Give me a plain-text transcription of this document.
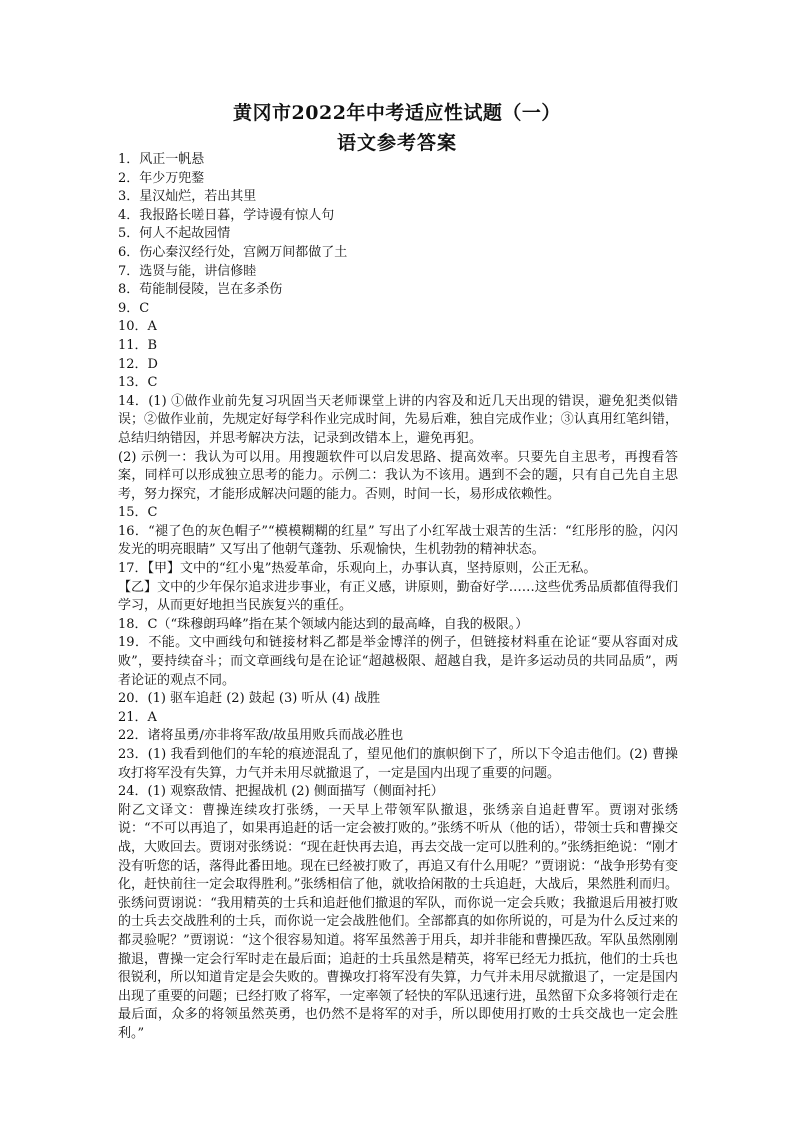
黄冈市2022年中考适应性试题（一）
语文参考答案
1．风正一帆悬
2．年少万兜鍪
3．星汉灿烂，若出其里
4．我报路长嗟日暮，学诗谩有惊人句
5．何人不起故园情
6．伤心秦汉经行处，宫阙万间都做了土
7．选贤与能，讲信修睦
8．苟能制侵陵，岂在多杀伤
9．C
10．A
11．B
12．D
13．C
14．(1) ①做作业前先复习巩固当天老师课堂上讲的内容及和近几天出现的错误，避免犯类似错误；②做作业前，先规定好每学科作业完成时间，先易后难，独自完成作业；③认真用红笔纠错，总结归纳错因，并思考解决方法，记录到改错本上，避免再犯。
(2) 示例一：我认为可以用。用搜题软件可以启发思路、提高效率。只要先自主思考，再搜看答案，同样可以形成独立思考的能力。示例二：我认为不该用。遇到不会的题，只有自己先自主思考，努力探究，才能形成解决问题的能力。否则，时间一长，易形成依赖性。
15．C
16．“褪了色的灰色帽子”“模模糊糊的红星” 写出了小红军战士艰苦的生活：“红彤彤的脸，闪闪发光的明亮眼睛” 又写出了他朝气蓬勃、乐观愉快，生机勃勃的精神状态。
17．【甲】文中的“红小鬼”热爱革命，乐观向上，办事认真，坚持原则，公正无私。
【乙】文中的少年保尔追求进步事业，有正义感，讲原则，勤奋好学……这些优秀品质都值得我们学习，从而更好地担当民族复兴的重任。
18．C（“珠穆朗玛峰”指在某个领域内能达到的最高峰，自我的极限。）
19．不能。文中画线句和链接材料乙都是举金博洋的例子，但链接材料重在论证“要从容面对成败”，要持续奋斗；而文章画线句是在论证“超越极限、超越自我，是许多运动员的共同品质”，两者论证的观点不同。
20．(1) 驱车追赶 (2) 鼓起 (3) 听从 (4) 战胜
21．A
22．诸将虽勇/亦非将军敌/故虽用败兵而战必胜也
23．(1) 我看到他们的车轮的痕迹混乱了，望见他们的旗帜倒下了，所以下令追击他们。(2) 曹操攻打将军没有失算，力气并未用尽就撤退了，一定是国内出现了重要的问题。
24．(1) 观察敌情、把握战机 (2) 侧面描写（侧面衬托）
附乙文译文：曹操连续攻打张绣，一天早上带领军队撤退，张绣亲自追赶曹军。贾诩对张绣说：“不可以再追了，如果再追赶的话一定会被打败的。”张绣不听从（他的话），带领士兵和曹操交战，大败回去。贾诩对张绣说：“现在赶快再去追，再去交战一定可以胜利的。”张绣拒绝说：“刚才没有听您的话，落得此番田地。现在已经被打败了，再追又有什么用呢？”贾诩说：“战争形势有变化，赶快前往一定会取得胜利。”张绣相信了他，就收拾闲散的士兵追赶，大战后，果然胜利而归。张绣问贾诩说：“我用精英的士兵和追赶他们撤退的军队，而你说一定会兵败；我撤退后用被打败的士兵去交战胜利的士兵，而你说一定会战胜他们。全部都真的如你所说的，可是为什么反过来的都灵验呢？”贾诩说：“这个很容易知道。将军虽然善于用兵，却并非能和曹操匹敌。军队虽然刚刚撤退，曹操一定会行军时走在最后面；追赶的士兵虽然是精英，将军已经无力抵抗，他们的士兵也很锐利，所以知道肯定是会失败的。曹操攻打将军没有失算，力气并未用尽就撤退了，一定是国内出现了重要的问题；已经打败了将军，一定率领了轻快的军队迅速行进，虽然留下众多将领行走在最后面，众多的将领虽然英勇，也仍然不是将军的对手，所以即使用打败的士兵交战也一定会胜利。”
